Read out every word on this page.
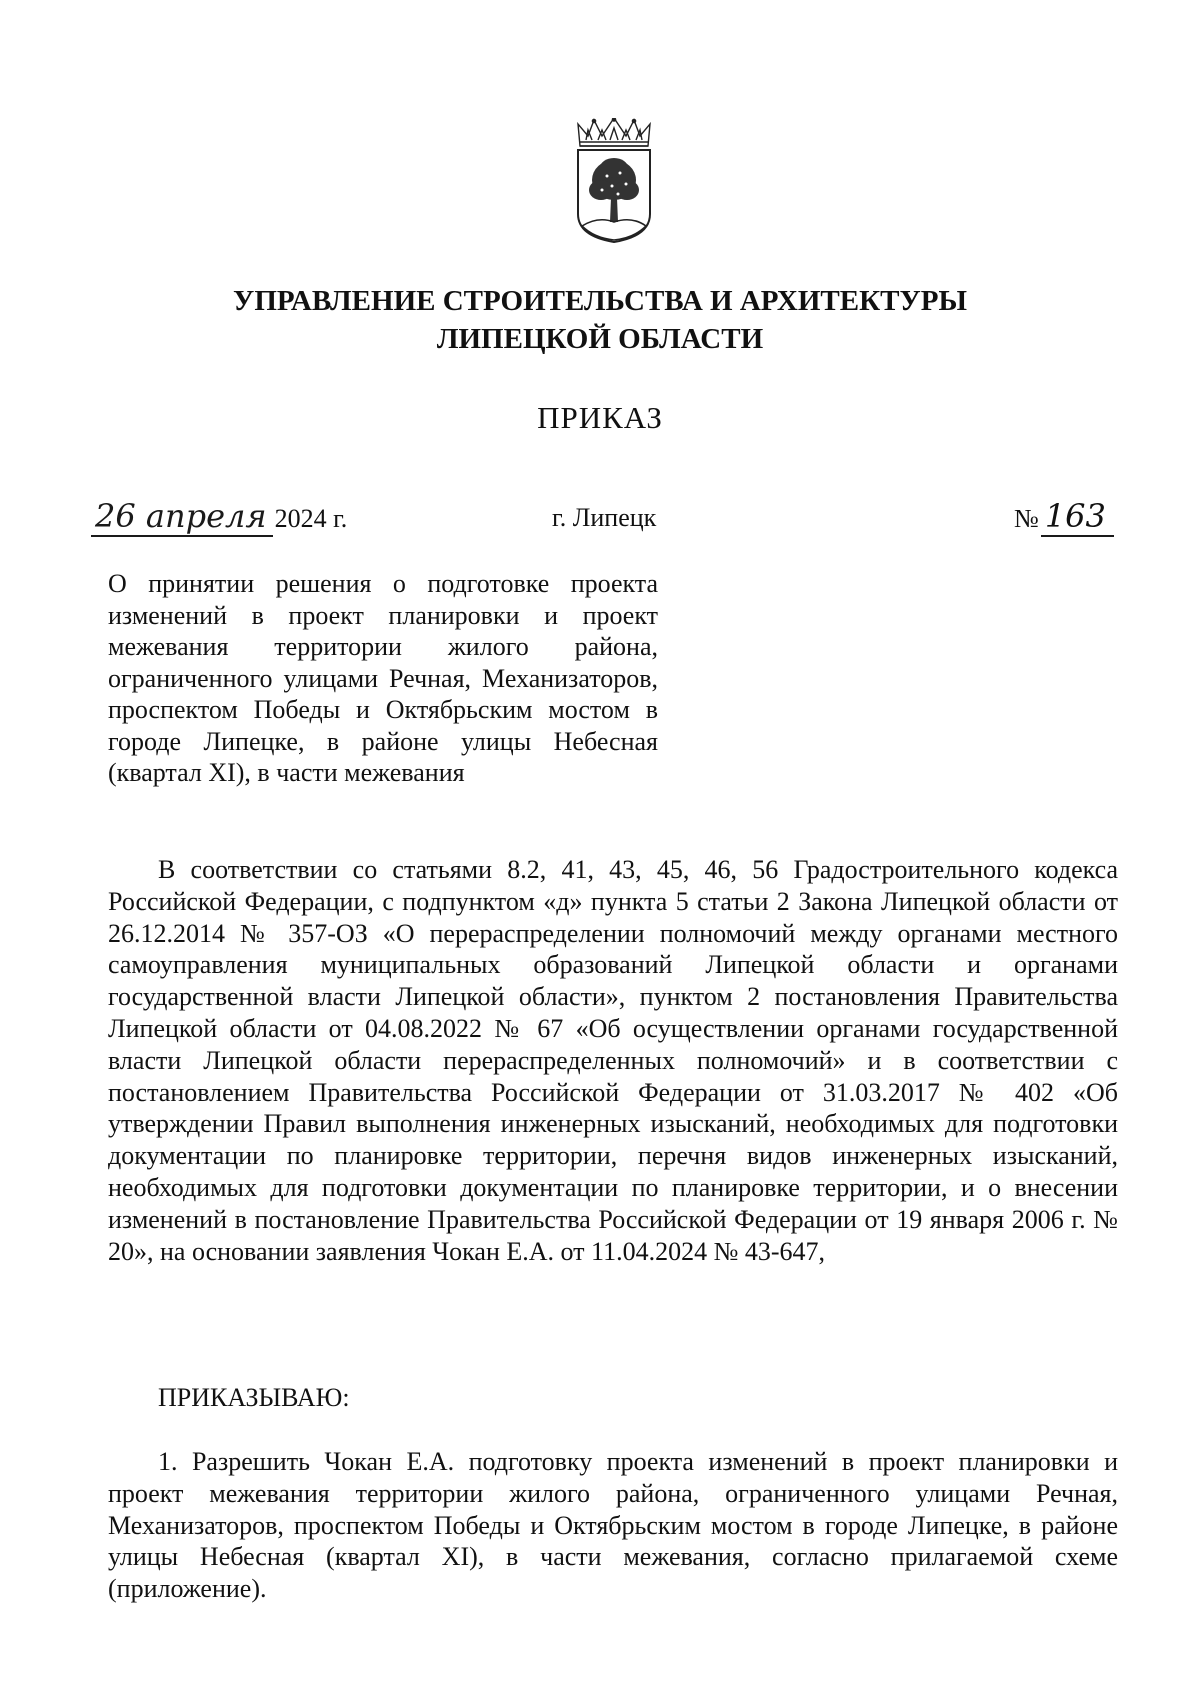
УПРАВЛЕНИЕ СТРОИТЕЛЬСТВА И АРХИТЕКТУРЫ
ЛИПЕЦКОЙ ОБЛАСТИ
ПРИКАЗ
26 апреля 2024 г.	г. Липецк	№ 163
О принятии решения о подготовке проекта изменений в проект планировки и проект межевания территории жилого района, ограниченного улицами Речная, Механизаторов, проспектом Победы и Октябрьским мостом в городе Липецке, в районе улицы Небесная (квартал XI), в части межевания
В соответствии со статьями 8.2, 41, 43, 45, 46, 56 Градостроительного кодекса Российской Федерации, с подпунктом «д» пункта 5 статьи 2 Закона Липецкой области от 26.12.2014 № 357-ОЗ «О перераспределении полномочий между органами местного самоуправления муниципальных образований Липецкой области и органами государственной власти Липецкой области», пунктом 2 постановления Правительства Липецкой области от 04.08.2022 № 67 «Об осуществлении органами государственной власти Липецкой области перераспределенных полномочий» и в соответствии с постановлением Правительства Российской Федерации от 31.03.2017 № 402 «Об утверждении Правил выполнения инженерных изысканий, необходимых для подготовки документации по планировке территории, перечня видов инженерных изысканий, необходимых для подготовки документации по планировке территории, и о внесении изменений в постановление Правительства Российской Федерации от 19 января 2006 г. № 20», на основании заявления Чокан Е.А. от 11.04.2024 № 43-647,
ПРИКАЗЫВАЮ:
1. Разрешить Чокан Е.А. подготовку проекта изменений в проект планировки и проект межевания территории жилого района, ограниченного улицами Речная, Механизаторов, проспектом Победы и Октябрьским мостом в городе Липецке, в районе улицы Небесная (квартал XI), в части межевания, согласно прилагаемой схеме (приложение).
